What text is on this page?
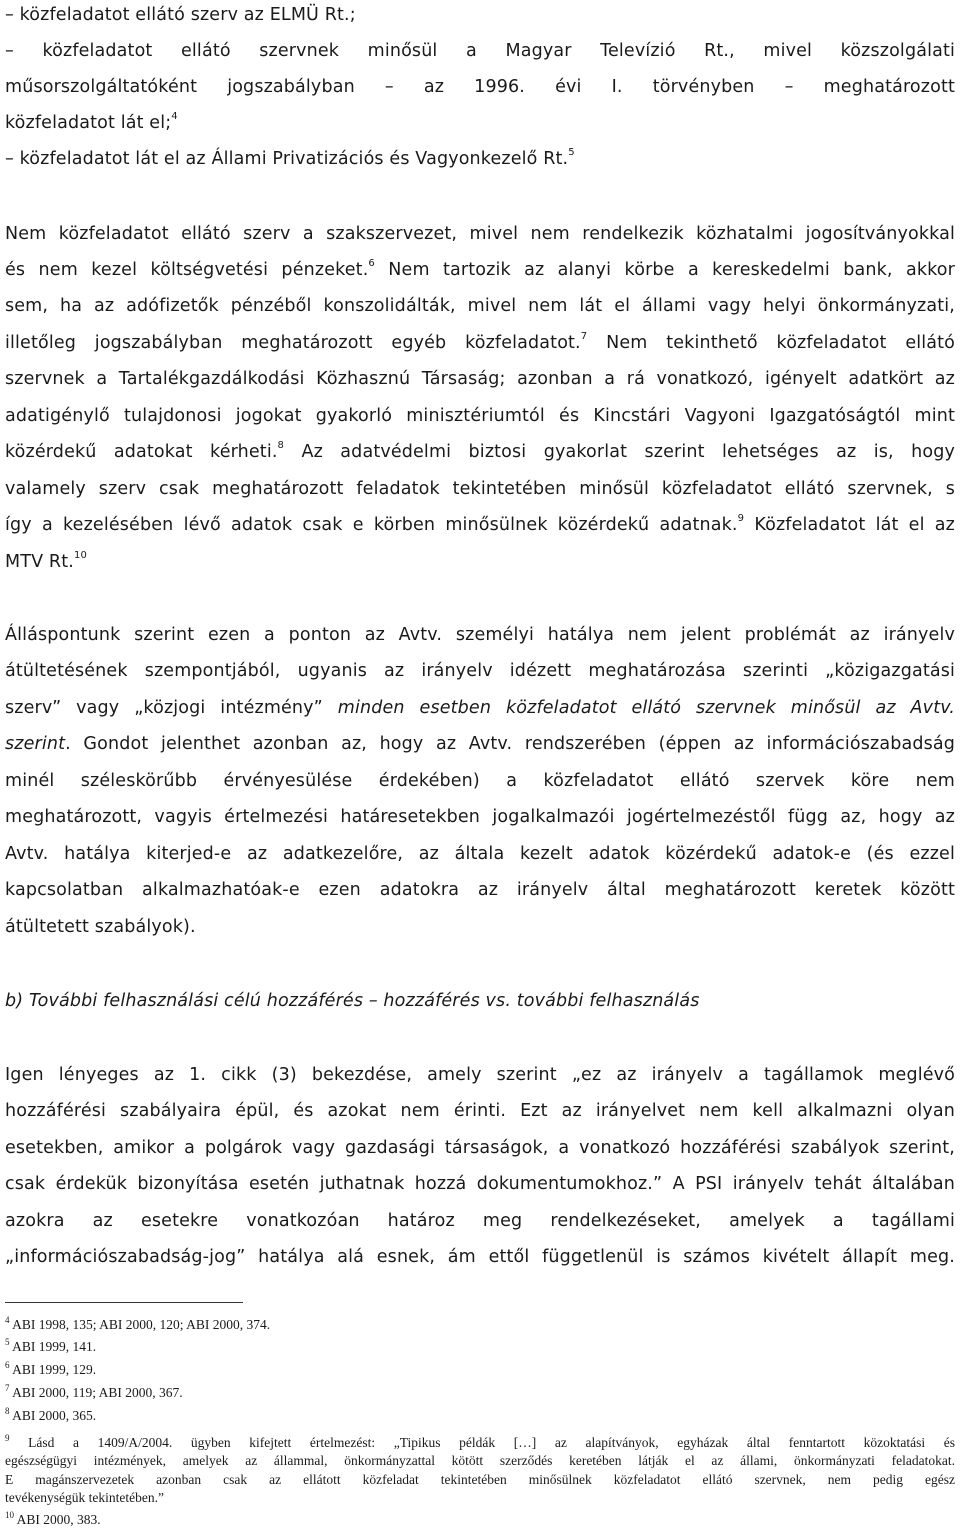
– közfeladatot ellátó szerv az ELMÜ Rt.;
– közfeladatot ellátó szervnek minősül a Magyar Televízió Rt., mivel közszolgálati
műsorszolgáltatóként jogszabályban – az 1996. évi I. törvényben – meghatározott
közfeladatot lát el;$^4$
– közfeladatot lát el az Állami Privatizációs és Vagyonkezelő Rt.$^5$
Nem közfeladatot ellátó szerv a szakszervezet, mivel nem rendelkezik közhatalmi jogosítványokkal
és nem kezel költségvetési pénzeket.$^6$ Nem tartozik az alanyi körbe a kereskedelmi bank, akkor
sem, ha az adófizetők pénzéből konszolidálták, mivel nem lát el állami vagy helyi önkormányzati,
illetőleg jogszabályban meghatározott egyéb közfeladatot.$^7$ Nem tekinthető közfeladatot ellátó
szervnek a Tartalékgazdálkodási Közhasznú Társaság; azonban a rá vonatkozó, igényelt adatkört az
adatigénylő tulajdonosi jogokat gyakorló minisztériumtól és Kincstári Vagyoni Igazgatóságtól mint
közérdekű adatokat kérheti.$^8$ Az adatvédelmi biztosi gyakorlat szerint lehetséges az is, hogy
valamely szerv csak meghatározott feladatok tekintetében minősül közfeladatot ellátó szervnek, s
így a kezelésében lévő adatok csak e körben minősülnek közérdekű adatnak.$^9$ Közfeladatot lát el az
MTV Rt.$^{10}$
Álláspontunk szerint ezen a ponton az Avtv. személyi hatálya nem jelent problémát az irányelv
átültetésének szempontjából, ugyanis az irányelv idézett meghatározása szerinti „közigazgatási
szerv” vagy „közjogi intézmény” minden esetben közfeladatot ellátó szervnek minősül az Avtv.
szerint. Gondot jelenthet azonban az, hogy az Avtv. rendszerében (éppen az információszabadság
minél széleskörűbb érvényesülése érdekében) a közfeladatot ellátó szervek köre nem
meghatározott, vagyis értelmezési határesetekben jogalkalmazói jogértelmezéstől függ az, hogy az
Avtv. hatálya kiterjed-e az adatkezelőre, az általa kezelt adatok közérdekű adatok-e (és ezzel
kapcsolatban alkalmazhatóak-e ezen adatokra az irányelv által meghatározott keretek között
átültetett szabályok).
b) További felhasználási célú hozzáférés – hozzáférés vs. további felhasználás
Igen lényeges az 1. cikk (3) bekezdése, amely szerint „ez az irányelv a tagállamok meglévő
hozzáférési szabályaira épül, és azokat nem érinti. Ezt az irányelvet nem kell alkalmazni olyan
esetekben, amikor a polgárok vagy gazdasági társaságok, a vonatkozó hozzáférési szabályok szerint,
csak érdekük bizonyítása esetén juthatnak hozzá dokumentumokhoz.” A PSI irányelv tehát általában
azokra az esetekre vonatkozóan határoz meg rendelkezéseket, amelyek a tagállami
„információszabadság-jog” hatálya alá esnek, ám ettől függetlenül is számos kivételt állapít meg.
$^4$ ABI 1998, 135; ABI 2000, 120; ABI 2000, 374.
$^5$ ABI 1999, 141.
$^6$ ABI 1999, 129.
$^7$ ABI 2000, 119; ABI 2000, 367.
$^8$ ABI 2000, 365.
$^9$ Lásd a 1409/A/2004. ügyben kifejtett értelmezést: „Tipikus példák […] az alapítványok, egyházak által fenntartott közoktatási és
egészségügyi intézmények, amelyek az állammal, önkormányzattal kötött szerződés keretében látják el az állami, önkormányzati feladatokat.
E magánszervezetek azonban csak az ellátott közfeladat tekintetében minősülnek közfeladatot ellátó szervnek, nem pedig egész
tevékenységük tekintetében.”
$^{10}$ ABI 2000, 383.
